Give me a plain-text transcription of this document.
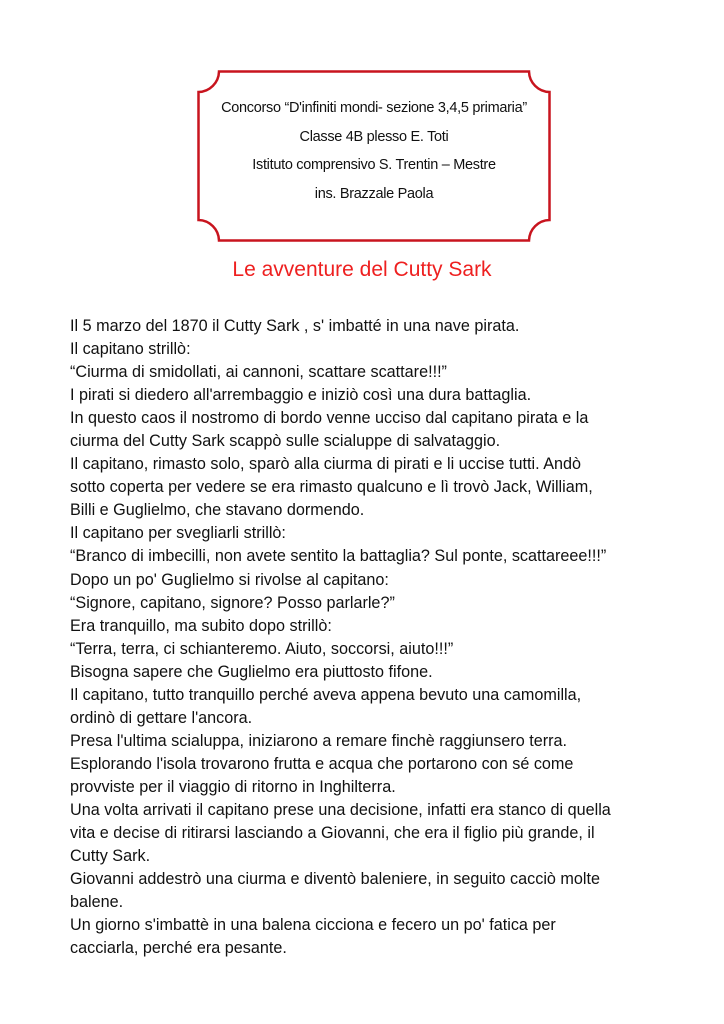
Concorso “D'infiniti mondi- sezione 3,4,5 primaria”
Classe 4B plesso E. Toti
Istituto comprensivo S. Trentin – Mestre
ins. Brazzale Paola
Le avventure del Cutty Sark
Il 5 marzo del 1870 il Cutty Sark , s' imbatté in una nave pirata.
Il capitano strillò:
“Ciurma di smidollati, ai cannoni, scattare scattare!!!”
I pirati si diedero all'arrembaggio e iniziò così una dura battaglia.
In questo caos il nostromo di bordo venne ucciso dal capitano pirata e la
ciurma del Cutty Sark scappò sulle scialuppe di salvataggio.
Il capitano, rimasto solo, sparò alla ciurma di pirati e li uccise tutti. Andò
sotto coperta per vedere se era rimasto qualcuno e lì trovò Jack, William,
Billi e Guglielmo, che stavano dormendo.
Il capitano per svegliarli strillò:
“Branco di imbecilli, non avete sentito la battaglia? Sul ponte, scattareee!!!”
Dopo un po' Guglielmo si rivolse al capitano:
“Signore, capitano, signore? Posso parlarle?”
Era tranquillo, ma subito dopo strillò:
“Terra, terra, ci schianteremo. Aiuto, soccorsi, aiuto!!!”
Bisogna sapere che Guglielmo era piuttosto fifone.
Il capitano, tutto tranquillo perché aveva appena bevuto una camomilla,
ordinò di gettare l'ancora.
Presa l'ultima scialuppa, iniziarono a remare finchè raggiunsero terra.
Esplorando l'isola trovarono frutta e acqua che portarono con sé come
provviste per il viaggio di ritorno in Inghilterra.
Una volta arrivati il capitano prese una decisione, infatti era stanco di quella
vita e decise di ritirarsi lasciando a Giovanni, che era il figlio più grande, il
Cutty Sark.
Giovanni addestrò una ciurma e diventò baleniere, in seguito cacciò molte
balene.
Un giorno s'imbattè in una balena cicciona e fecero un po' fatica per
cacciarla, perché era pesante.
